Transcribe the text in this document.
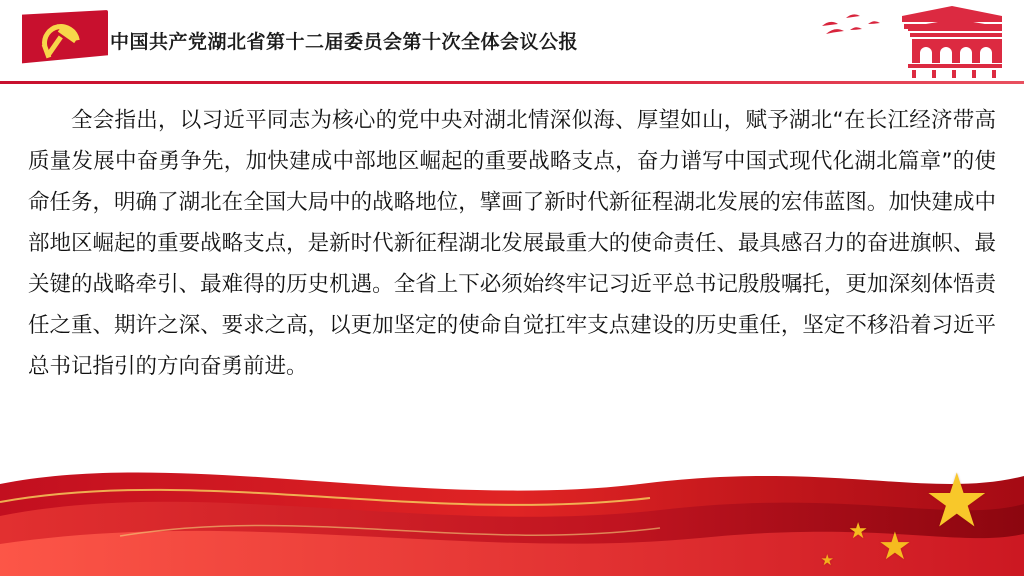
中国共产党湖北省第十二届委员会第十次全体会议公报

全会指出，以习近平同志为核心的党中央对湖北情深似海、厚望如山，赋予湖北“在长江经济带高质量发展中奋勇争先，加快建成中部地区崛起的重要战略支点，奋力谱写中国式现代化湖北篇章”的使命任务，明确了湖北在全国大局中的战略地位，擘画了新时代新征程湖北发展的宏伟蓝图。加快建成中部地区崛起的重要战略支点，是新时代新征程湖北发展最重大的使命责任、最具感召力的奋进旗帜、最关键的战略牵引、最难得的历史机遇。全省上下必须始终牢记习近平总书记殷殷嘱托，更加深刻体悟责任之重、期许之深、要求之高，以更加坚定的使命自觉扛牢支点建设的历史重任，坚定不移沿着习近平总书记指引的方向奋勇前进。

★
★
★
★
